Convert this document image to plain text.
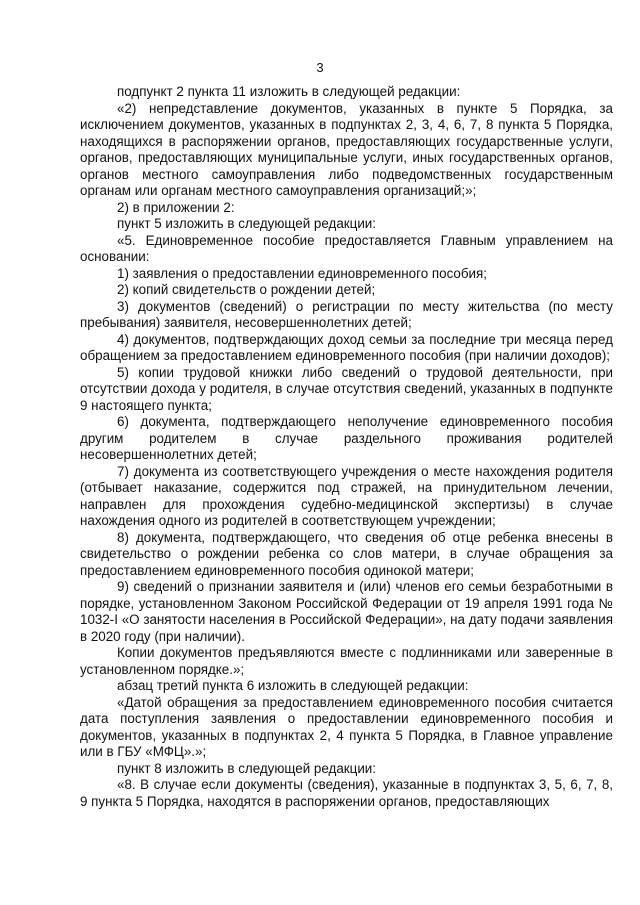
3

подпункт 2 пункта 11 изложить в следующей редакции:

«2) непредставление документов, указанных в пункте 5 Порядка, за исключением документов, указанных в подпунктах 2, 3, 4, 6, 7, 8 пункта 5 Порядка, находящихся в распоряжении органов, предоставляющих государственные услуги, органов, предоставляющих муниципальные услуги, иных государственных органов, органов местного самоуправления либо подведомственных государственным органам или органам местного самоуправления организаций;»;

2) в приложении 2:

пункт 5 изложить в следующей редакции:

«5. Единовременное пособие предоставляется Главным управлением на основании:

1) заявления о предоставлении единовременного пособия;

2) копий свидетельств о рождении детей;

3) документов (сведений) о регистрации по месту жительства (по месту пребывания) заявителя, несовершеннолетних детей;

4) документов, подтверждающих доход семьи за последние три месяца перед обращением за предоставлением единовременного пособия (при наличии доходов);

5) копии трудовой книжки либо сведений о трудовой деятельности, при отсутствии дохода у родителя, в случае отсутствия сведений, указанных в подпункте 9 настоящего пункта;

6) документа, подтверждающего неполучение единовременного пособия другим родителем в случае раздельного проживания родителей несовершеннолетних детей;

7) документа из соответствующего учреждения о месте нахождения родителя (отбывает наказание, содержится под стражей, на принудительном лечении, направлен для прохождения судебно-медицинской экспертизы) в случае нахождения одного из родителей в соответствующем учреждении;

8) документа, подтверждающего, что сведения об отце ребенка внесены в свидетельство о рождении ребенка со слов матери, в случае обращения за предоставлением единовременного пособия одинокой матери;

9) сведений о признании заявителя и (или) членов его семьи безработными в порядке, установленном Законом Российской Федерации от 19 апреля 1991 года № 1032-I «О занятости населения в Российской Федерации», на дату подачи заявления в 2020 году (при наличии).

Копии документов предъявляются вместе с подлинниками или заверенные в установленном порядке.»;

абзац третий пункта 6 изложить в следующей редакции:

«Датой обращения за предоставлением единовременного пособия считается дата поступления заявления о предоставлении единовременного пособия и документов, указанных в подпунктах 2, 4 пункта 5 Порядка, в Главное управление или в ГБУ «МФЦ».»;

пункт 8 изложить в следующей редакции:

«8. В случае если документы (сведения), указанные в подпунктах 3, 5, 6, 7, 8, 9 пункта 5 Порядка, находятся в распоряжении органов, предоставляющих
